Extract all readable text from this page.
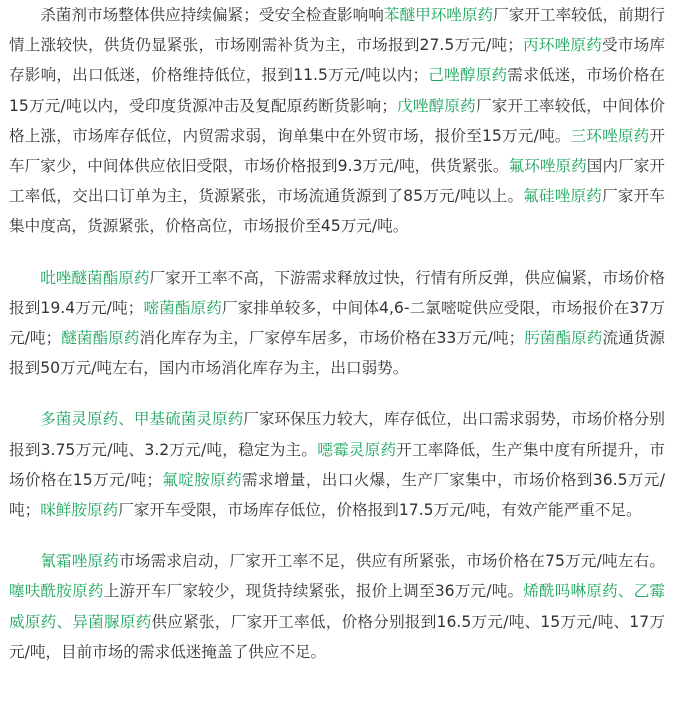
杀菌剂市场整体供应持续偏紧；受安全检查影响响苯醚甲环唑原药厂家开工率较低，前期行情上涨较快，供货仍显紧张，市场刚需补货为主，市场报到27.5万元/吨；丙环唑原药受市场库存影响，出口低迷，价格维持低位，报到11.5万元/吨以内；己唑醇原药需求低迷，市场价格在15万元/吨以内，受印度货源冲击及复配原药断货影响；戊唑醇原药厂家开工率较低，中间体价格上涨，市场库存低位，内贸需求弱，询单集中在外贸市场，报价至15万元/吨。三环唑原药开车厂家少，中间体供应依旧受限，市场价格报到9.3万元/吨，供货紧张。氟环唑原药国内厂家开工率低，交出口订单为主，货源紧张，市场流通货源到了85万元/吨以上。氟硅唑原药厂家开车集中度高，货源紧张，价格高位，市场报价至45万元/吨。

吡唑醚菌酯原药厂家开工率不高，下游需求释放过快，行情有所反弹，供应偏紧，市场价格报到19.4万元/吨；嘧菌酯原药厂家排单较多，中间体4,6-二氯嘧啶供应受限，市场报价在37万元/吨；醚菌酯原药消化库存为主，厂家停车居多，市场价格在33万元/吨；肟菌酯原药流通货源报到50万元/吨左右，国内市场消化库存为主，出口弱势。

多菌灵原药、甲基硫菌灵原药厂家环保压力较大，库存低位，出口需求弱势，市场价格分别报到3.75万元/吨、3.2万元/吨，稳定为主。噁霉灵原药开工率降低，生产集中度有所提升，市场价格在15万元/吨；氟啶胺原药需求增量，出口火爆，生产厂家集中，市场价格到36.5万元/吨；咪鲜胺原药厂家开车受限，市场库存低位，价格报到17.5万元/吨，有效产能严重不足。

氰霜唑原药市场需求启动，厂家开工率不足，供应有所紧张，市场价格在75万元/吨左右。噻呋酰胺原药上游开车厂家较少，现货持续紧张，报价上调至36万元/吨。烯酰吗啉原药、乙霉威原药、异菌脲原药供应紧张，厂家开工率低，价格分别报到16.5万元/吨、15万元/吨、17万元/吨，目前市场的需求低迷掩盖了供应不足。
